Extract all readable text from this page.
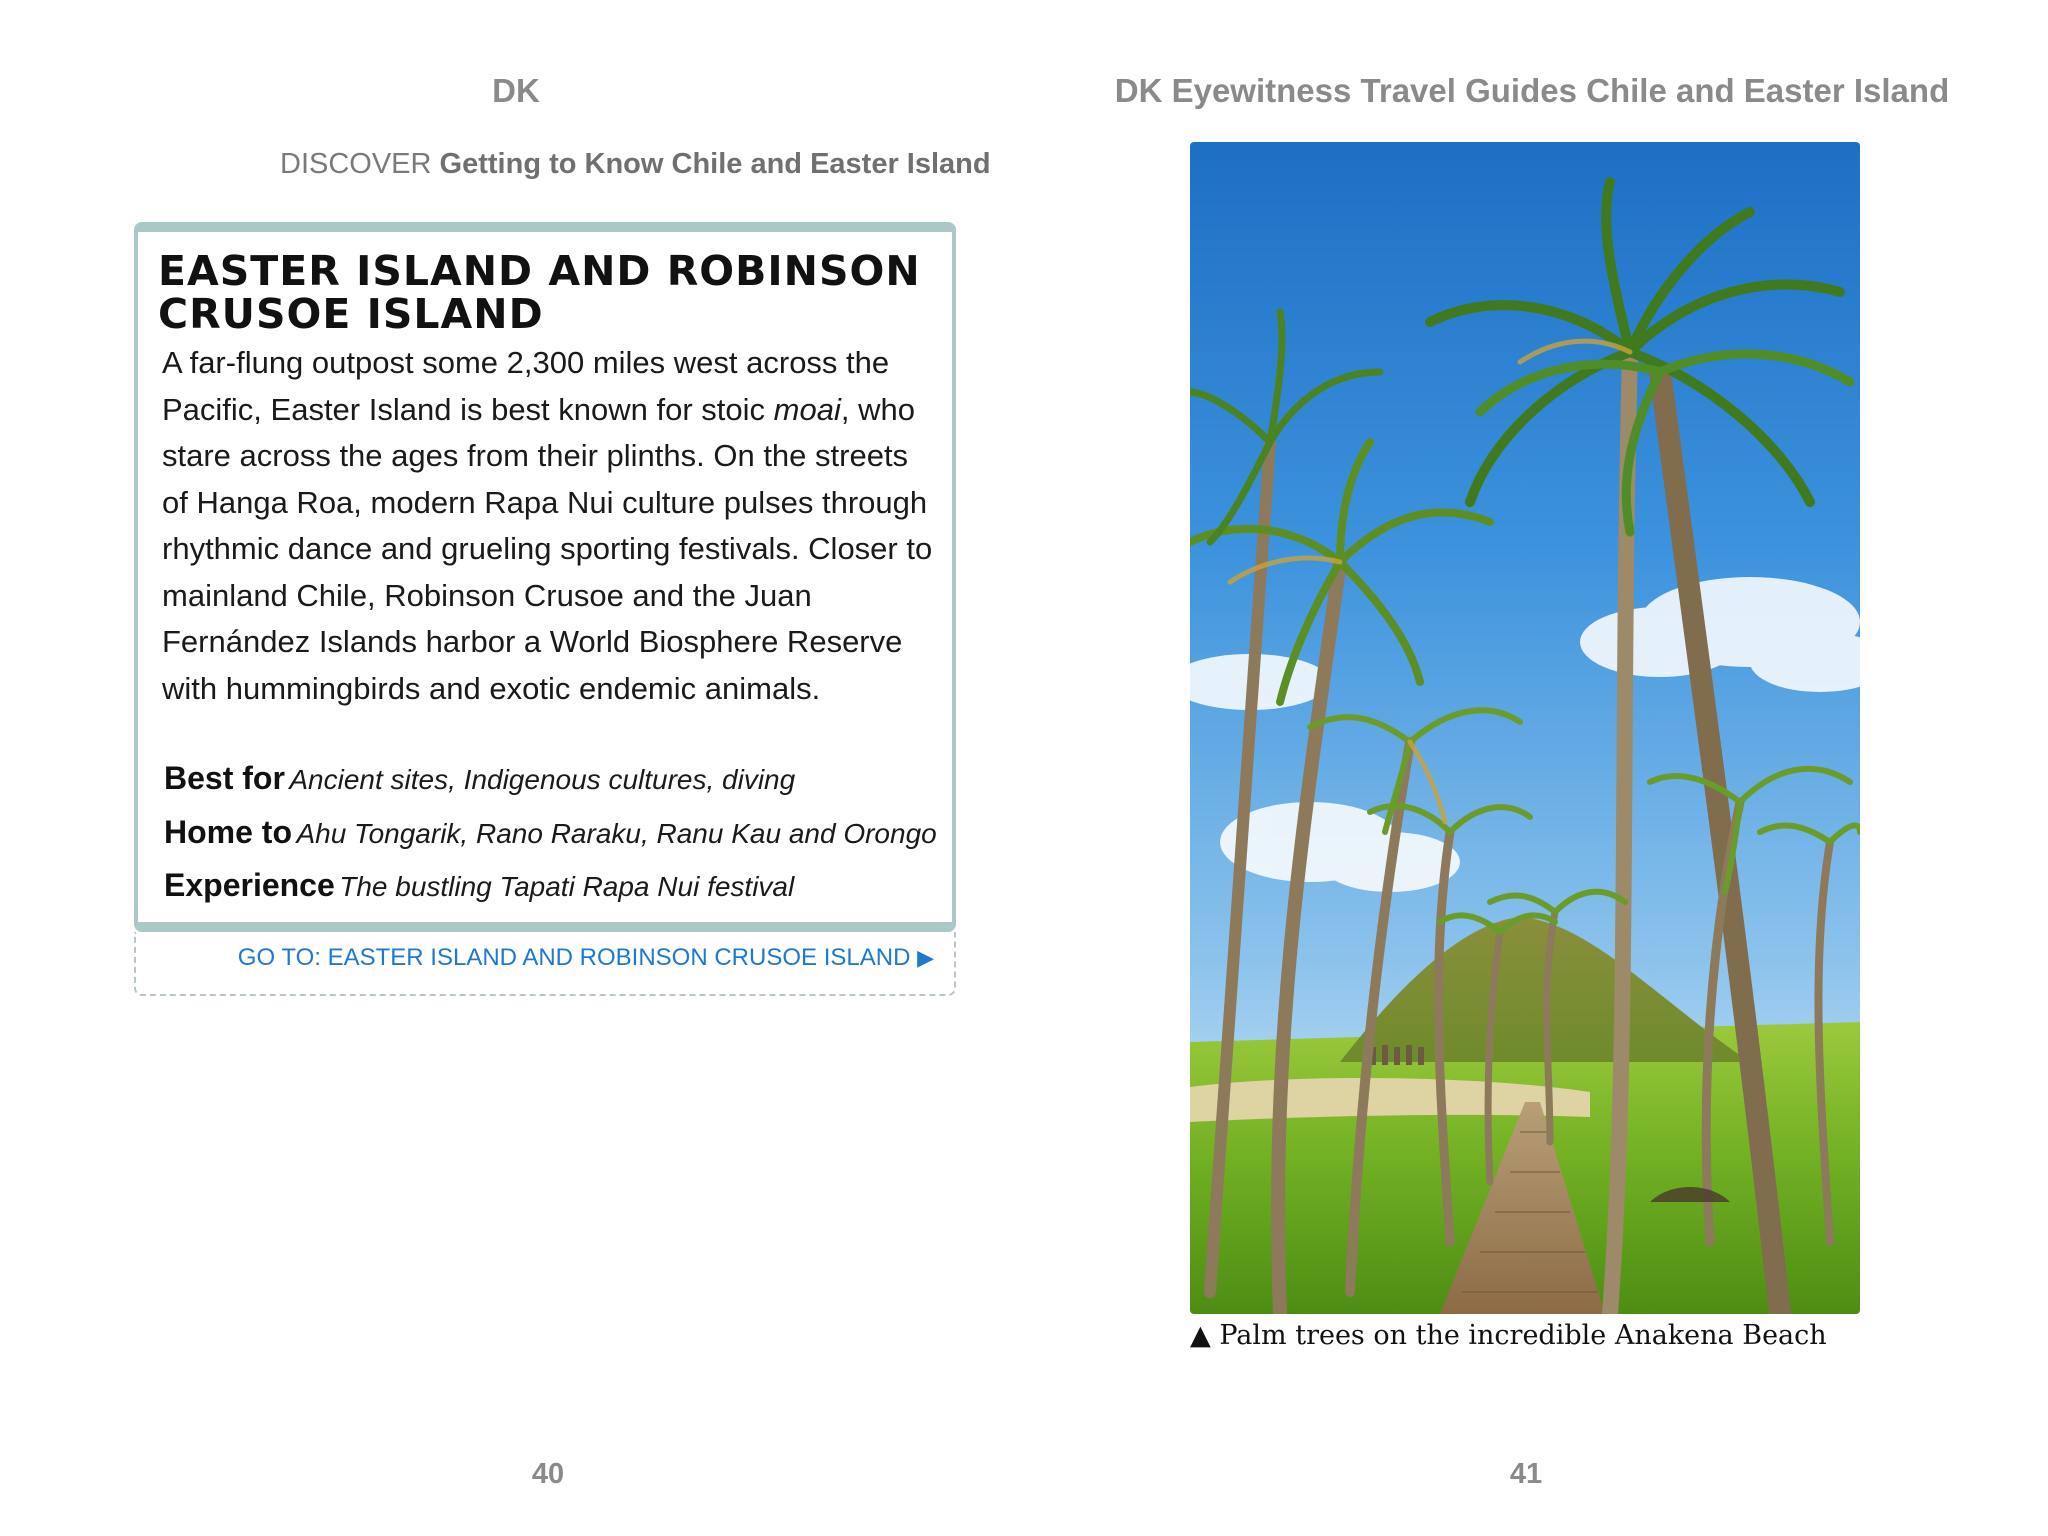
DK	DK Eyewitness Travel Guides Chile and Easter Island
DISCOVER Getting to Know Chile and Easter Island
EASTER ISLAND AND ROBINSON CRUSOE ISLAND
A far-flung outpost some 2,300 miles west across the Pacific, Easter Island is best known for stoic moai, who stare across the ages from their plinths. On the streets of Hanga Roa, modern Rapa Nui culture pulses through rhythmic dance and grueling sporting festivals. Closer to mainland Chile, Robinson Crusoe and the Juan Fernández Islands harbor a World Biosphere Reserve with hummingbirds and exotic endemic animals.
Best for Ancient sites, Indigenous cultures, diving
Home to Ahu Tongarik, Rano Raraku, Ranu Kau and Orongo
Experience The bustling Tapati Rapa Nui festival
GO TO: EASTER ISLAND AND ROBINSON CRUSOE ISLAND ▶
▲ Palm trees on the incredible Anakena Beach
40	41
